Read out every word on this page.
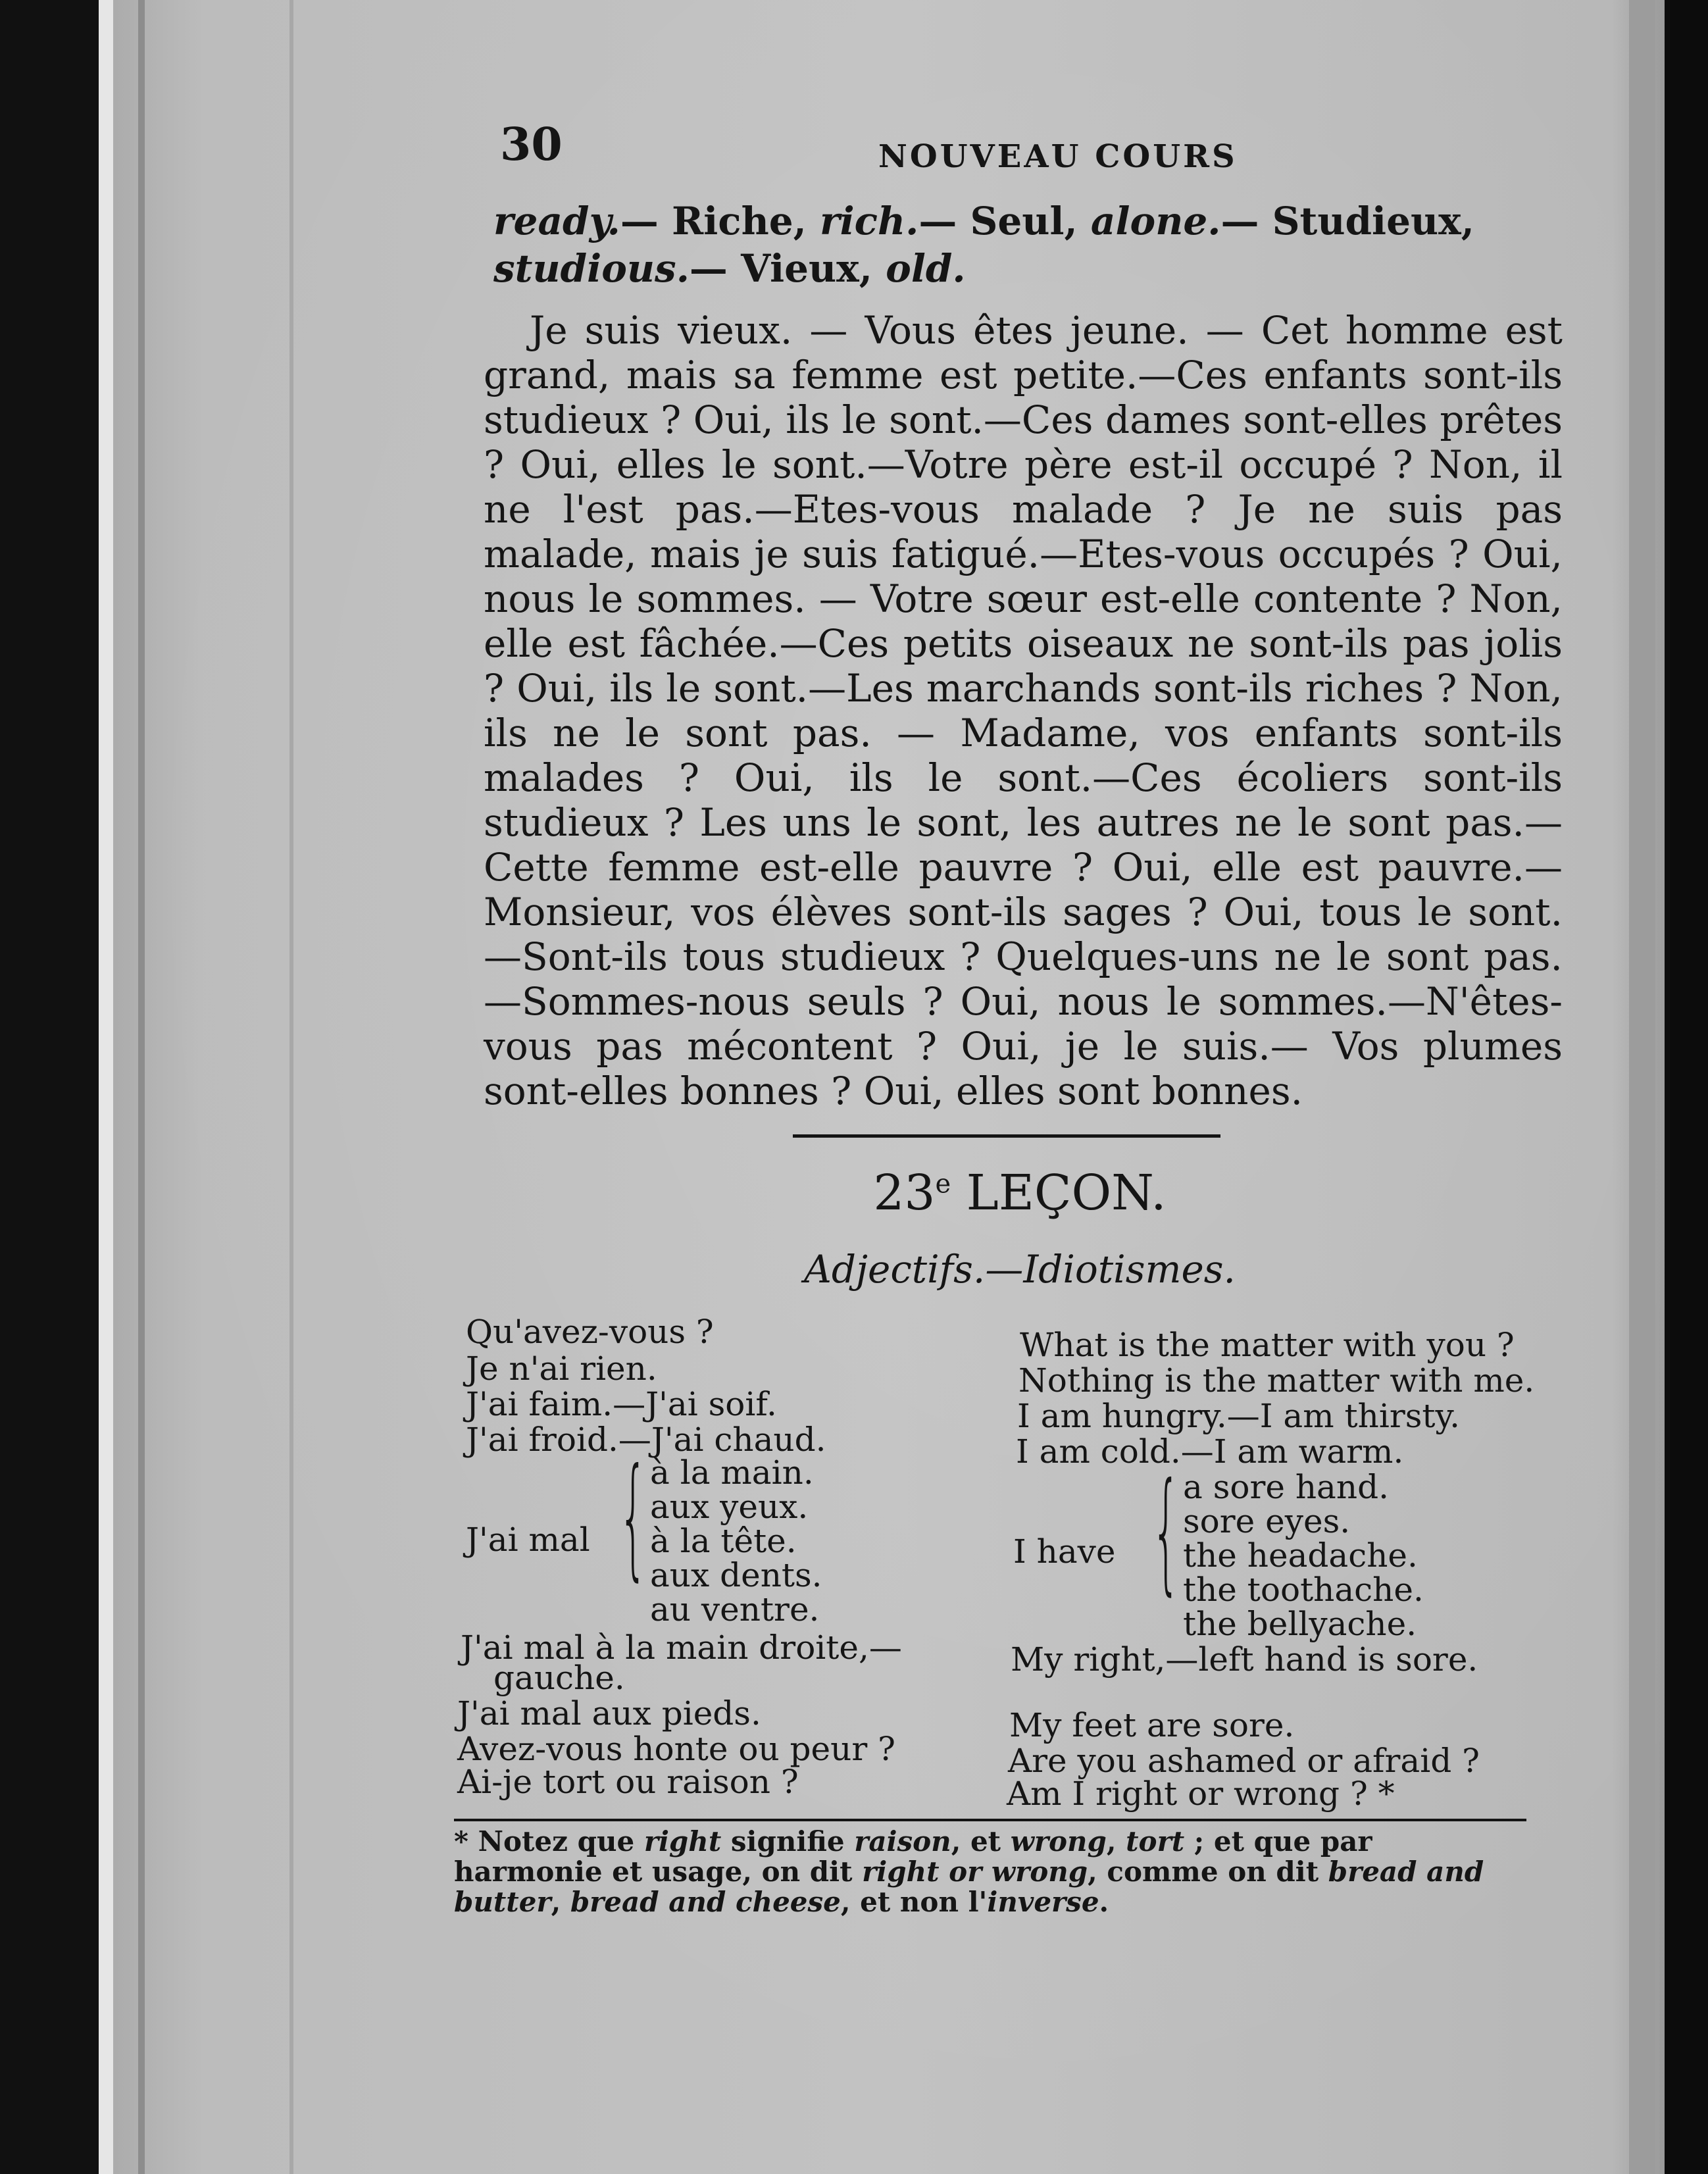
30	NOUVEAU COURS
ready.— Riche, rich.— Seul, alone.— Studieux, studious.— Vieux, old.
Je suis vieux. — Vous êtes jeune. — Cet homme est grand, mais sa femme est petite.—Ces enfants sont-ils studieux ? Oui, ils le sont.—Ces dames sont-elles prêtes ? Oui, elles le sont.—Votre père est-il occupé ? Non, il ne l'est pas.—Etes-vous malade ? Je ne suis pas malade, mais je suis fatigué.—Etes-vous occupés ? Oui, nous le sommes. — Votre sœur est-elle contente ? Non, elle est fâchée.—Ces petits oiseaux ne sont-ils pas jolis ? Oui, ils le sont.—Les marchands sont-ils riches ? Non, ils ne le sont pas. — Madame, vos enfants sont-ils malades ? Oui, ils le sont.—Ces écoliers sont-ils studieux ? Les uns le sont, les autres ne le sont pas.—Cette femme est-elle pauvre ? Oui, elle est pauvre.—Monsieur, vos élèves sont-ils sages ? Oui, tous le sont.—Sont-ils tous studieux ? Quelques-uns ne le sont pas.—Sommes-nous seuls ? Oui, nous le sommes.—N'êtes-vous pas mécontent ? Oui, je le suis.— Vos plumes sont-elles bonnes ? Oui, elles sont bonnes.
23e LEÇON.
Adjectifs.—Idiotismes.
Qu'avez-vous ?
Je n'ai rien.
J'ai faim.—J'ai soif.
J'ai froid.—J'ai chaud.
J'ai mal { à la main.
aux yeux.
à la tête.
aux dents.
au ventre.
J'ai mal à la main droite,—
gauche.
J'ai mal aux pieds.
Avez-vous honte ou peur ?
Ai-je tort ou raison ?
What is the matter with you ?
Nothing is the matter with me.
I am hungry.—I am thirsty.
I am cold.—I am warm.
I have { a sore hand.
sore eyes.
the headache.
the toothache.
the bellyache.
My right,—left hand is sore.
My feet are sore.
Are you ashamed or afraid ?
Am I right or wrong ? *
* Notez que right signifie raison, et wrong, tort ; et que par harmonie et usage, on dit right or wrong, comme on dit bread and butter, bread and cheese, et non l'inverse.
